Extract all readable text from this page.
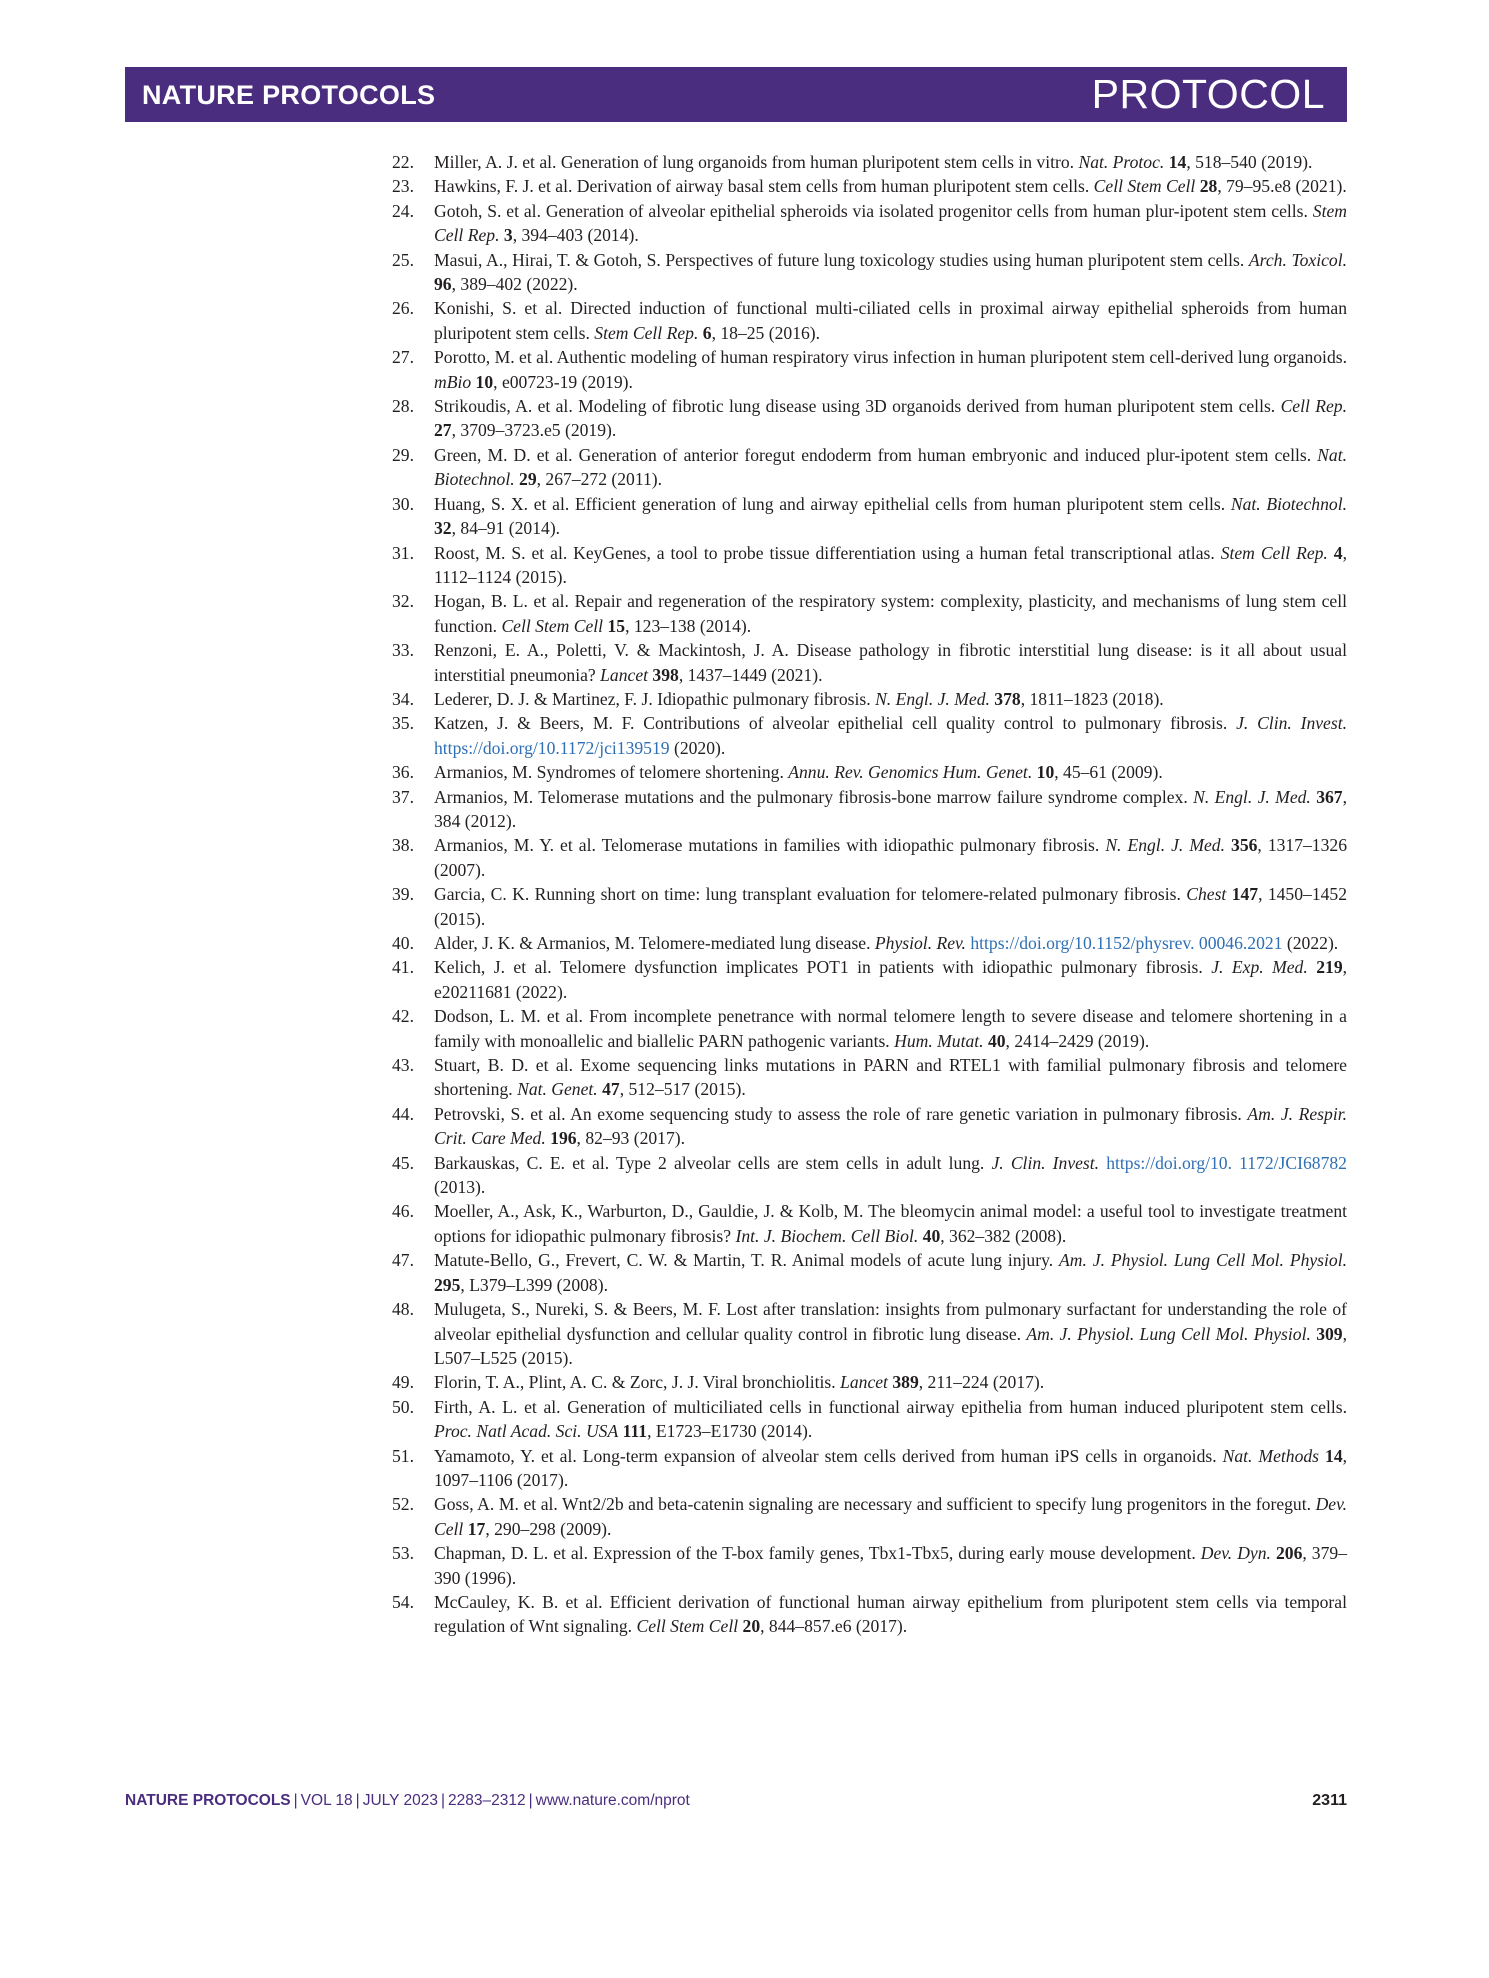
NATURE PROTOCOLS	PROTOCOL
22. Miller, A. J. et al. Generation of lung organoids from human pluripotent stem cells in vitro. Nat. Protoc. 14, 518–540 (2019).
23. Hawkins, F. J. et al. Derivation of airway basal stem cells from human pluripotent stem cells. Cell Stem Cell 28, 79–95.e8 (2021).
24. Gotoh, S. et al. Generation of alveolar epithelial spheroids via isolated progenitor cells from human plur-ipotent stem cells. Stem Cell Rep. 3, 394–403 (2014).
25. Masui, A., Hirai, T. & Gotoh, S. Perspectives of future lung toxicology studies using human pluripotent stem cells. Arch. Toxicol. 96, 389–402 (2022).
26. Konishi, S. et al. Directed induction of functional multi-ciliated cells in proximal airway epithelial spheroids from human pluripotent stem cells. Stem Cell Rep. 6, 18–25 (2016).
27. Porotto, M. et al. Authentic modeling of human respiratory virus infection in human pluripotent stem cell-derived lung organoids. mBio 10, e00723-19 (2019).
28. Strikoudis, A. et al. Modeling of fibrotic lung disease using 3D organoids derived from human pluripotent stem cells. Cell Rep. 27, 3709–3723.e5 (2019).
29. Green, M. D. et al. Generation of anterior foregut endoderm from human embryonic and induced plur-ipotent stem cells. Nat. Biotechnol. 29, 267–272 (2011).
30. Huang, S. X. et al. Efficient generation of lung and airway epithelial cells from human pluripotent stem cells. Nat. Biotechnol. 32, 84–91 (2014).
31. Roost, M. S. et al. KeyGenes, a tool to probe tissue differentiation using a human fetal transcriptional atlas. Stem Cell Rep. 4, 1112–1124 (2015).
32. Hogan, B. L. et al. Repair and regeneration of the respiratory system: complexity, plasticity, and mechanisms of lung stem cell function. Cell Stem Cell 15, 123–138 (2014).
33. Renzoni, E. A., Poletti, V. & Mackintosh, J. A. Disease pathology in fibrotic interstitial lung disease: is it all about usual interstitial pneumonia? Lancet 398, 1437–1449 (2021).
34. Lederer, D. J. & Martinez, F. J. Idiopathic pulmonary fibrosis. N. Engl. J. Med. 378, 1811–1823 (2018).
35. Katzen, J. & Beers, M. F. Contributions of alveolar epithelial cell quality control to pulmonary fibrosis. J. Clin. Invest. https://doi.org/10.1172/jci139519 (2020).
36. Armanios, M. Syndromes of telomere shortening. Annu. Rev. Genomics Hum. Genet. 10, 45–61 (2009).
37. Armanios, M. Telomerase mutations and the pulmonary fibrosis-bone marrow failure syndrome complex. N. Engl. J. Med. 367, 384 (2012).
38. Armanios, M. Y. et al. Telomerase mutations in families with idiopathic pulmonary fibrosis. N. Engl. J. Med. 356, 1317–1326 (2007).
39. Garcia, C. K. Running short on time: lung transplant evaluation for telomere-related pulmonary fibrosis. Chest 147, 1450–1452 (2015).
40. Alder, J. K. & Armanios, M. Telomere-mediated lung disease. Physiol. Rev. https://doi.org/10.1152/physrev. 00046.2021 (2022).
41. Kelich, J. et al. Telomere dysfunction implicates POT1 in patients with idiopathic pulmonary fibrosis. J. Exp. Med. 219, e20211681 (2022).
42. Dodson, L. M. et al. From incomplete penetrance with normal telomere length to severe disease and telomere shortening in a family with monoallelic and biallelic PARN pathogenic variants. Hum. Mutat. 40, 2414–2429 (2019).
43. Stuart, B. D. et al. Exome sequencing links mutations in PARN and RTEL1 with familial pulmonary fibrosis and telomere shortening. Nat. Genet. 47, 512–517 (2015).
44. Petrovski, S. et al. An exome sequencing study to assess the role of rare genetic variation in pulmonary fibrosis. Am. J. Respir. Crit. Care Med. 196, 82–93 (2017).
45. Barkauskas, C. E. et al. Type 2 alveolar cells are stem cells in adult lung. J. Clin. Invest. https://doi.org/10. 1172/JCI68782 (2013).
46. Moeller, A., Ask, K., Warburton, D., Gauldie, J. & Kolb, M. The bleomycin animal model: a useful tool to investigate treatment options for idiopathic pulmonary fibrosis? Int. J. Biochem. Cell Biol. 40, 362–382 (2008).
47. Matute-Bello, G., Frevert, C. W. & Martin, T. R. Animal models of acute lung injury. Am. J. Physiol. Lung Cell Mol. Physiol. 295, L379–L399 (2008).
48. Mulugeta, S., Nureki, S. & Beers, M. F. Lost after translation: insights from pulmonary surfactant for understanding the role of alveolar epithelial dysfunction and cellular quality control in fibrotic lung disease. Am. J. Physiol. Lung Cell Mol. Physiol. 309, L507–L525 (2015).
49. Florin, T. A., Plint, A. C. & Zorc, J. J. Viral bronchiolitis. Lancet 389, 211–224 (2017).
50. Firth, A. L. et al. Generation of multiciliated cells in functional airway epithelia from human induced pluripotent stem cells. Proc. Natl Acad. Sci. USA 111, E1723–E1730 (2014).
51. Yamamoto, Y. et al. Long-term expansion of alveolar stem cells derived from human iPS cells in organoids. Nat. Methods 14, 1097–1106 (2017).
52. Goss, A. M. et al. Wnt2/2b and beta-catenin signaling are necessary and sufficient to specify lung progenitors in the foregut. Dev. Cell 17, 290–298 (2009).
53. Chapman, D. L. et al. Expression of the T-box family genes, Tbx1-Tbx5, during early mouse development. Dev. Dyn. 206, 379–390 (1996).
54. McCauley, K. B. et al. Efficient derivation of functional human airway epithelium from pluripotent stem cells via temporal regulation of Wnt signaling. Cell Stem Cell 20, 844–857.e6 (2017).
NATURE PROTOCOLS | VOL 18 | JULY 2023 | 2283–2312 | www.nature.com/nprot	2311
